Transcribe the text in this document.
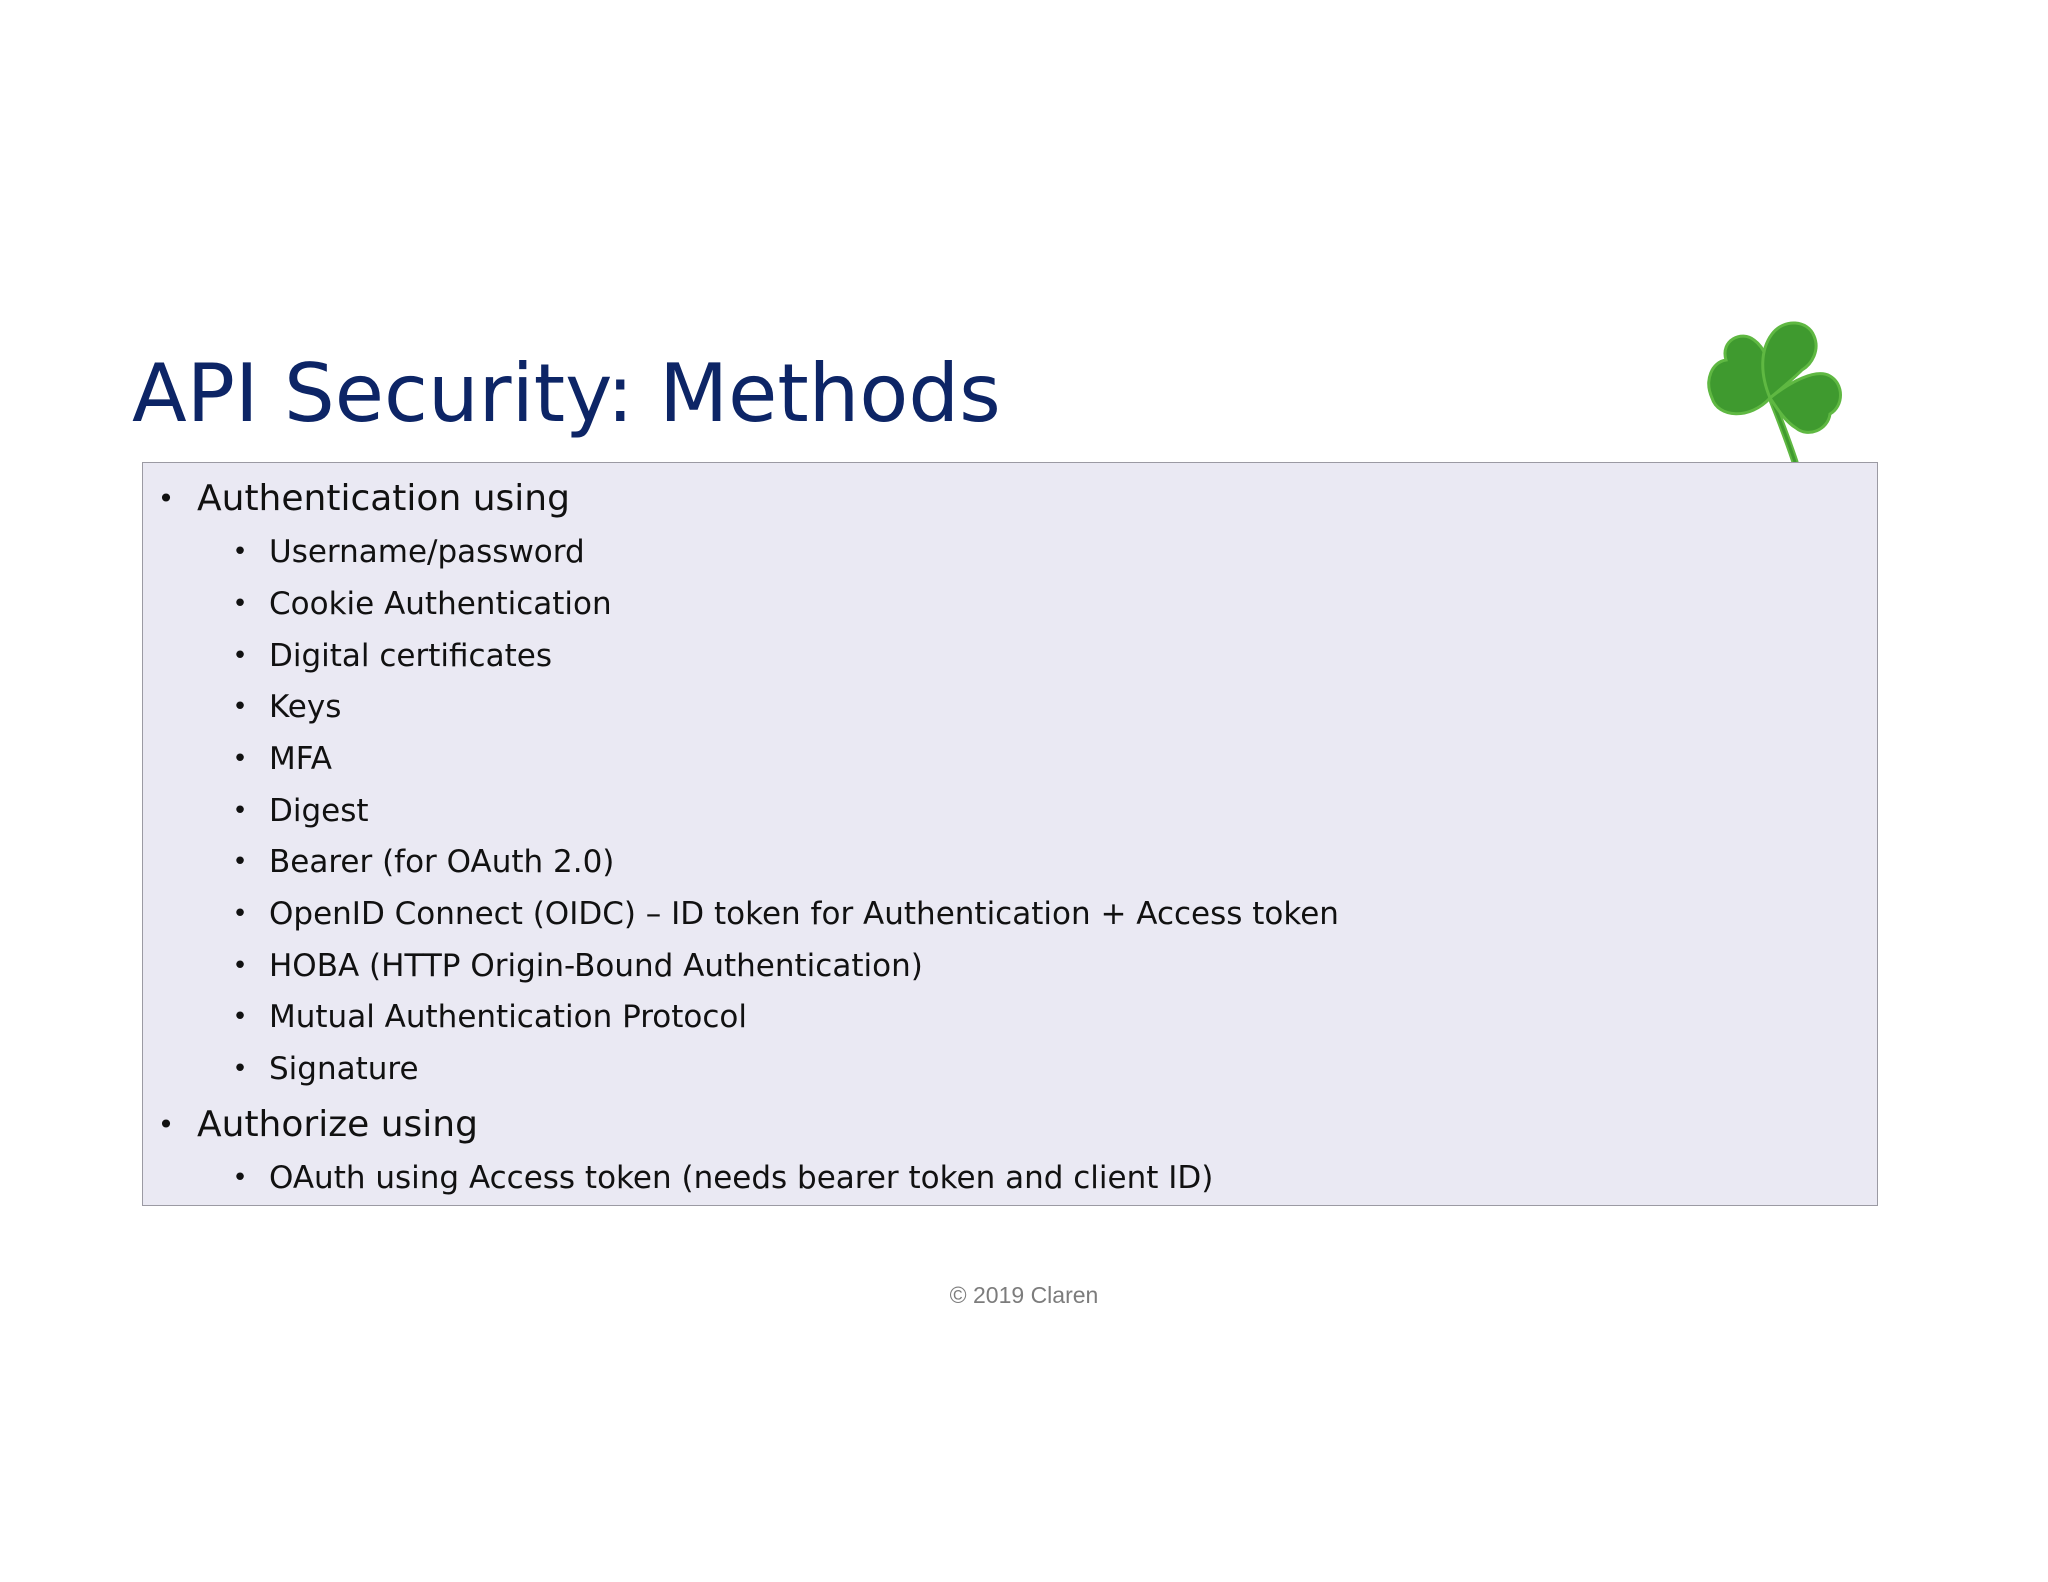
API Security: Methods
• Authentication using
• Username/password
• Cookie Authentication
• Digital certificates
• Keys
• MFA
• Digest
• Bearer (for OAuth 2.0)
• OpenID Connect (OIDC) – ID token for Authentication + Access token
• HOBA (HTTP Origin-Bound Authentication)
• Mutual Authentication Protocol
• Signature
• Authorize using
• OAuth using Access token (needs bearer token and client ID)
© 2019 Claren
